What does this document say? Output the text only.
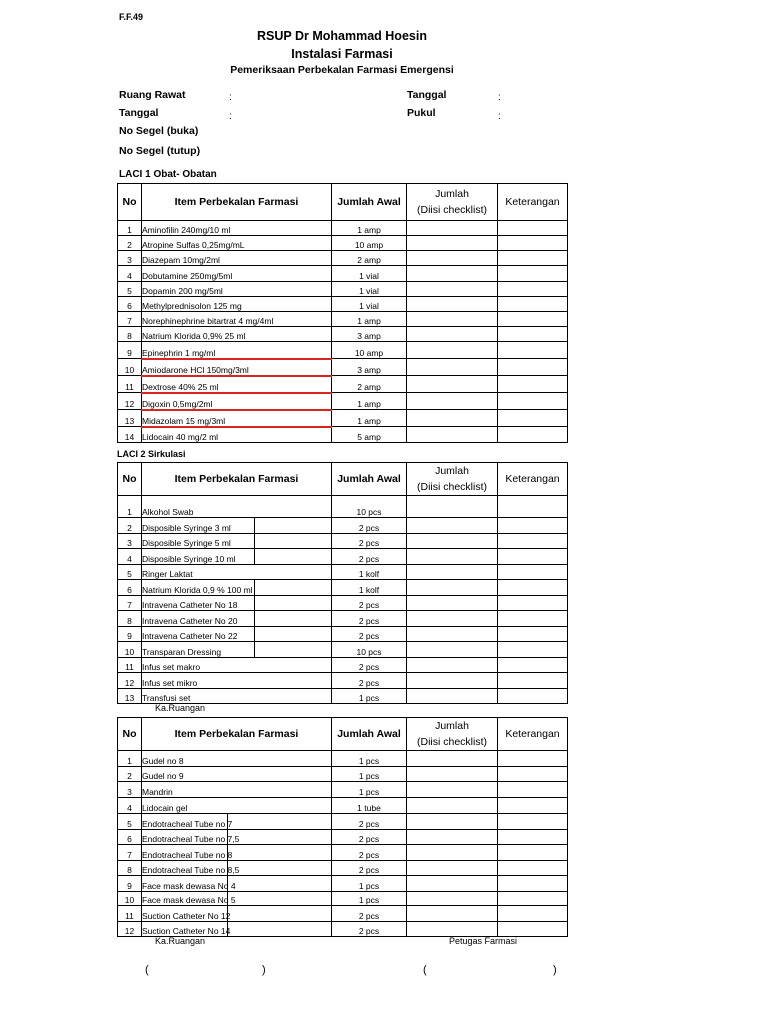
F.F.49
RSUP Dr Mohammad Hoesin
Instalasi Farmasi
Pemeriksaan Perbekalan Farmasi Emergensi
Ruang Rawat	:
Tanggal	:
No Segel (buka)
No Segel (tutup)
Tanggal	:
Pukul	:
LACI 1 Obat- Obatan
No	Item Perbekalan Farmasi	Jumlah Awal	Jumlah
(Diisi checklist)	Keterangan
1	Aminofilin 240mg/10 ml	1 amp		
2	Atropine Sulfas 0,25mg/mL	10 amp		
3	Diazepam 10mg/2ml	2 amp		
4	Dobutamine 250mg/5ml	1 vial		
5	Dopamin 200 mg/5ml	1 vial		
6	Methylprednisolon 125 mg	1 vial		
7	Norephinephrine bitartrat 4 mg/4ml	1 amp		
8	Natrium Klorida 0,9% 25 ml	3 amp		
9	Epinephrin 1 mg/ml	10 amp		
10	Amiodarone HCl 150mg/3ml	3 amp		
11	Dextrose 40% 25 ml	2 amp		
12	Digoxin 0,5mg/2ml	1 amp		
13	Midazolam 15 mg/3ml	1 amp		
14	Lidocain 40 mg/2 ml	5 amp		
LACI 2 Sirkulasi
No	Item Perbekalan Farmasi	Jumlah Awal	Jumlah
(Diisi checklist)	Keterangan
1	Alkohol Swab	10 pcs		
2	Disposible Syringe 3 ml	2 pcs		
3	Disposible Syringe 5 ml	2 pcs		
4	Disposible Syringe 10 ml	2 pcs		
5	Ringer Laktat	1 kolf		
6	Natrium Klorida 0,9 % 100 ml	1 kolf		
7	Intravena Catheter No 18	2 pcs		
8	Intravena Catheter No 20	2 pcs		
9	Intravena Catheter No 22	2 pcs		
10	Transparan Dressing	10 pcs		
11	Infus set makro	2 pcs		
12	Infus set mikro	2 pcs		
13	Transfusi set	1 pcs		
Ka.Ruangan
No	Item Perbekalan Farmasi	Jumlah Awal	Jumlah
(Diisi checklist)	Keterangan
1	Gudel no 8	1 pcs		
2	Gudel no 9	1 pcs		
3	Mandrin	1 pcs		
4	Lidocain gel	1 tube		
5	Endotracheal Tube no 7	2 pcs		
6	Endotracheal Tube no 7,5	2 pcs		
7	Endotracheal Tube no 8	2 pcs		
8	Endotracheal Tube no 8,5	2 pcs		
9	Face mask dewasa No 4	1 pcs		
10	Face mask dewasa No 5	1 pcs		
11	Suction Catheter No 12	2 pcs		
12	Suction Catheter No 14	2 pcs		
Ka.Ruangan	Petugas Farmasi
(	)	(	)
